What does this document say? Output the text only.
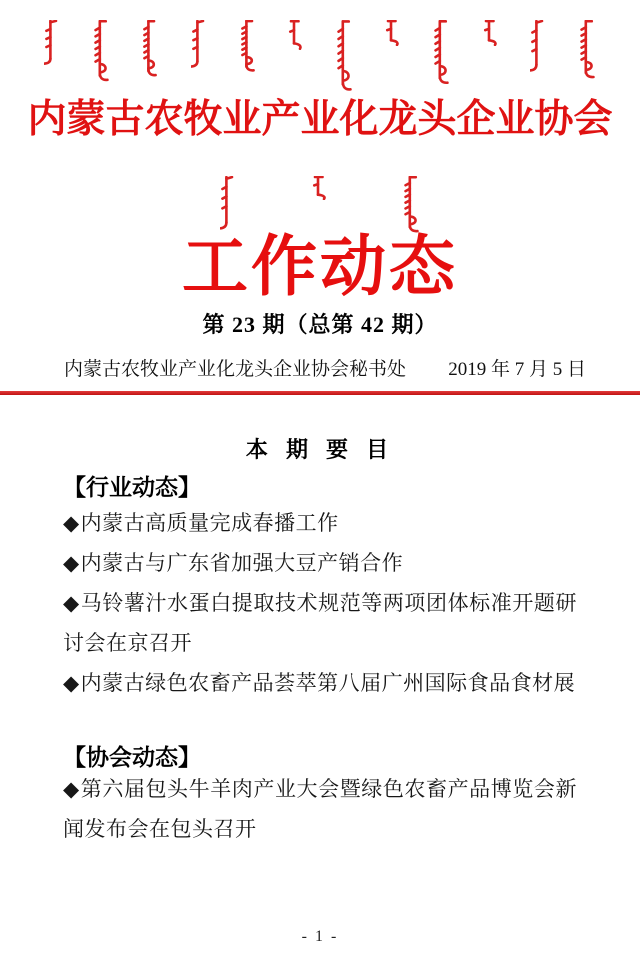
内蒙古农牧业产业化龙头企业协会
工作动态
第 23 期（总第 42 期）
内蒙古农牧业产业化龙头企业协会秘书处 2019 年 7 月 5 日
本 期 要 目
【行业动态】
◆内蒙古高质量完成春播工作
◆内蒙古与广东省加强大豆产销合作
◆马铃薯汁水蛋白提取技术规范等两项团体标准开题研讨会在京召开
◆内蒙古绿色农畜产品荟萃第八届广州国际食品食材展
【协会动态】
◆第六届包头牛羊肉产业大会暨绿色农畜产品博览会新闻发布会在包头召开
- 1 -
